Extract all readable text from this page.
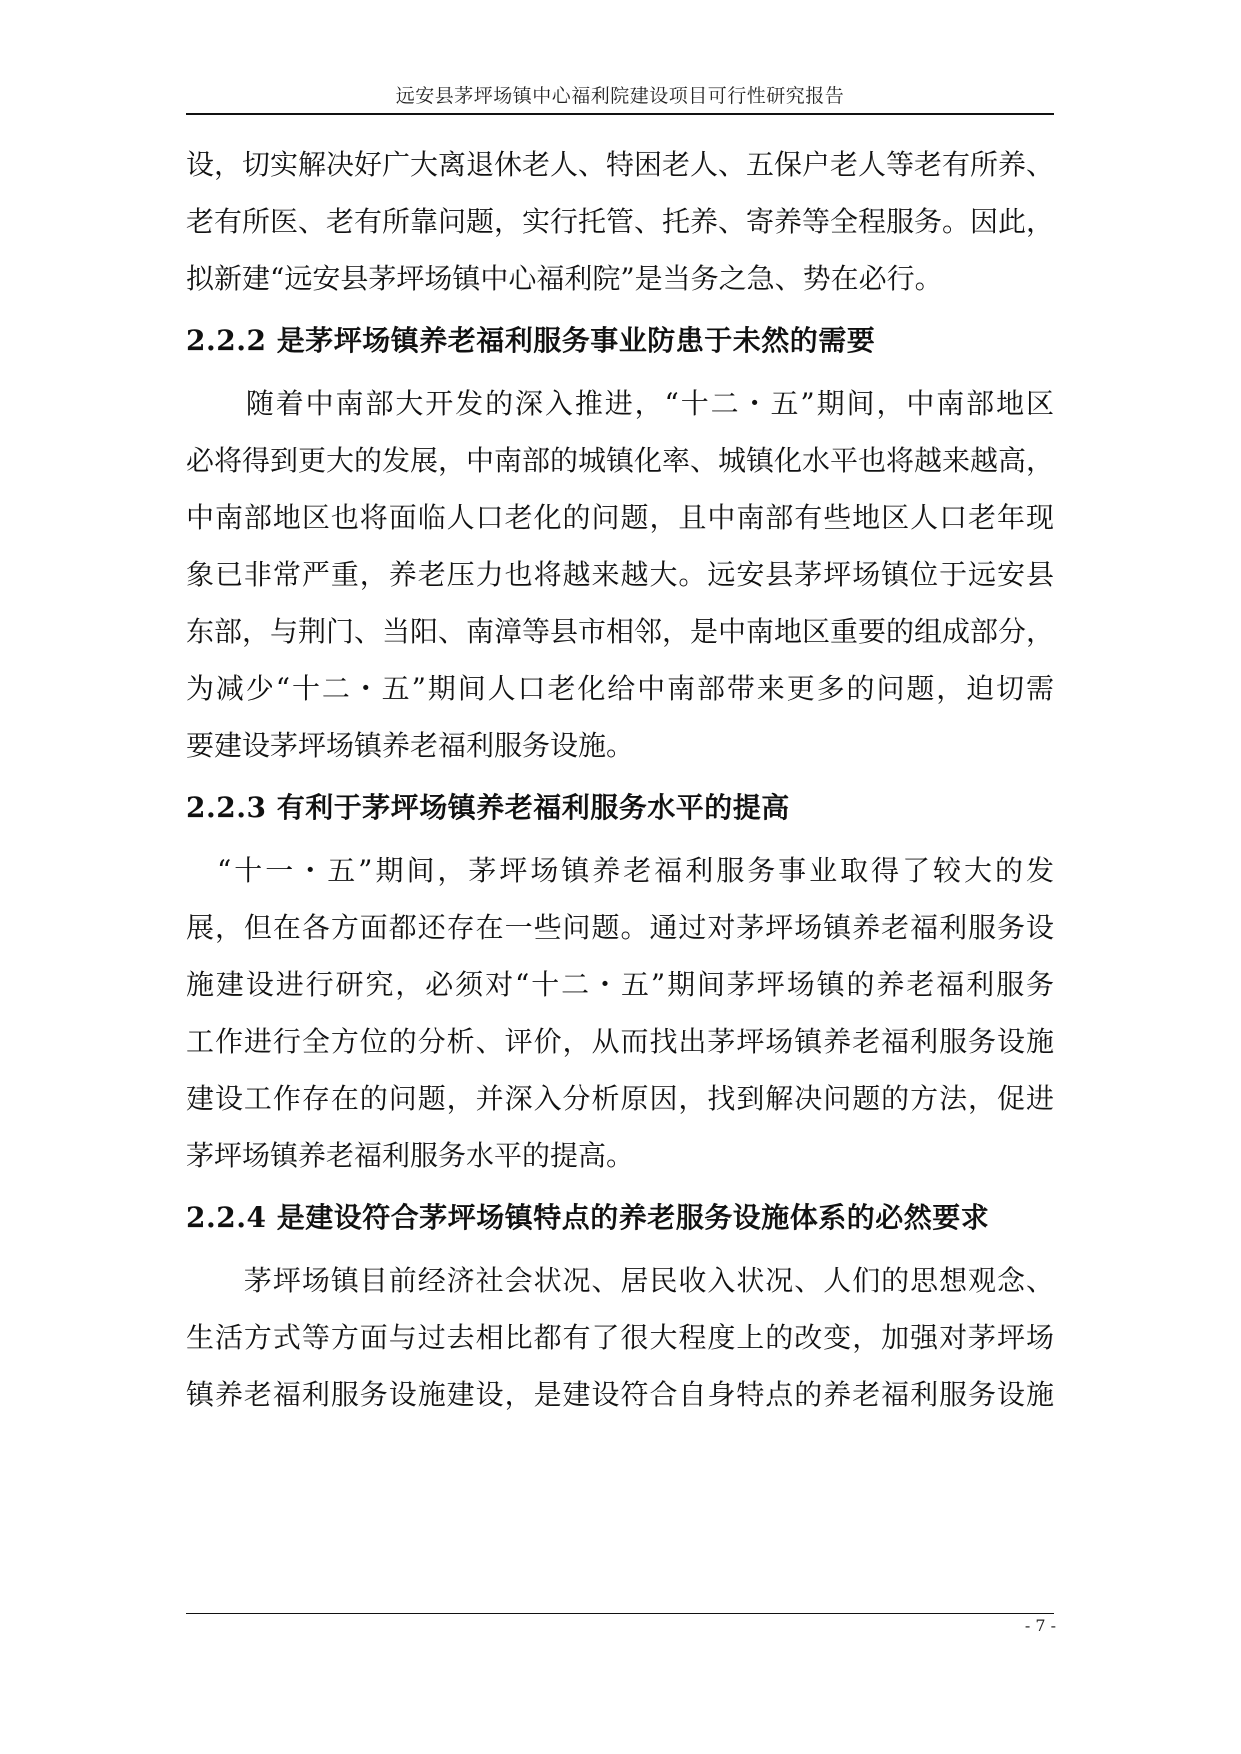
远安县茅坪场镇中心福利院建设项目可行性研究报告
设，切实解决好广大离退休老人、特困老人、五保户老人等老有所养、
老有所医、老有所靠问题，实行托管、托养、寄养等全程服务。因此，
拟新建“远安县茅坪场镇中心福利院”是当务之急、势在必行。
2.2.2 是茅坪场镇养老福利服务事业防患于未然的需要
　　随着中南部大开发的深入推进，“十二・五”期间，中南部地区
必将得到更大的发展，中南部的城镇化率、城镇化水平也将越来越高，
中南部地区也将面临人口老化的问题，且中南部有些地区人口老年现
象已非常严重，养老压力也将越来越大。远安县茅坪场镇位于远安县
东部，与荆门、当阳、南漳等县市相邻，是中南地区重要的组成部分，
为减少“十二・五”期间人口老化给中南部带来更多的问题，迫切需
要建设茅坪场镇养老福利服务设施。
2.2.3 有利于茅坪场镇养老福利服务水平的提高
　“十一・五”期间，茅坪场镇养老福利服务事业取得了较大的发
展，但在各方面都还存在一些问题。通过对茅坪场镇养老福利服务设
施建设进行研究，必须对“十二・五”期间茅坪场镇的养老福利服务
工作进行全方位的分析、评价，从而找出茅坪场镇养老福利服务设施
建设工作存在的问题，并深入分析原因，找到解决问题的方法，促进
茅坪场镇养老福利服务水平的提高。
2.2.4 是建设符合茅坪场镇特点的养老服务设施体系的必然要求
　　茅坪场镇目前经济社会状况、居民收入状况、人们的思想观念、
生活方式等方面与过去相比都有了很大程度上的改变，加强对茅坪场
镇养老福利服务设施建设，是建设符合自身特点的养老福利服务设施
- 7 -
